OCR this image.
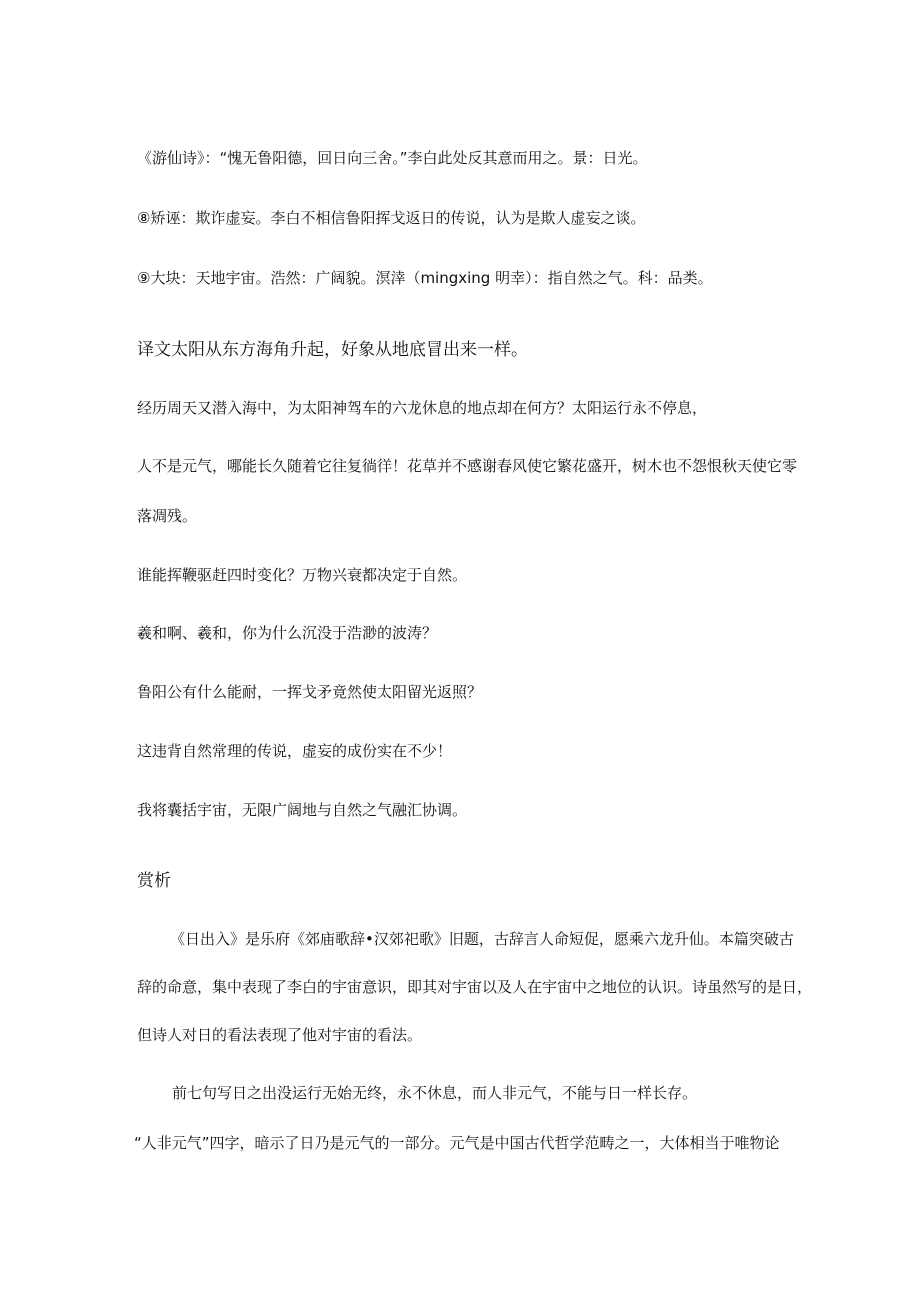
《游仙诗》：“愧无鲁阳德，回日向三舍。”李白此处反其意而用之。景：日光。
⑧矫诬：欺诈虚妄。李白不相信鲁阳挥戈返日的传说，认为是欺人虚妄之谈。
⑨大块：天地宇宙。浩然：广阔貌。溟涬（mingxing 明幸）：指自然之气。科：品类。
译文太阳从东方海角升起，好象从地底冒出来一样。
经历周天又潜入海中，为太阳神驾车的六龙休息的地点却在何方？太阳运行永不停息，
人不是元气，哪能长久随着它往复徜徉！花草并不感谢春风使它繁花盛开，树木也不怨恨秋天使它零
落凋残。
谁能挥鞭驱赶四时变化？万物兴衰都决定于自然。
羲和啊、羲和，你为什么沉没于浩渺的波涛？
鲁阳公有什么能耐，一挥戈矛竟然使太阳留光返照？
这违背自然常理的传说，虚妄的成份实在不少！
我将囊括宇宙，无限广阔地与自然之气融汇协调。
赏析
《日出入》是乐府《郊庙歌辞•汉郊祀歌》旧题，古辞言人命短促，愿乘六龙升仙。本篇突破古
辞的命意，集中表现了李白的宇宙意识，即其对宇宙以及人在宇宙中之地位的认识。诗虽然写的是日，
但诗人对日的看法表现了他对宇宙的看法。
前七句写日之出没运行无始无终，永不休息，而人非元气，不能与日一样长存。
“人非元气”四字，暗示了日乃是元气的一部分。元气是中国古代哲学范畴之一，大体相当于唯物论
